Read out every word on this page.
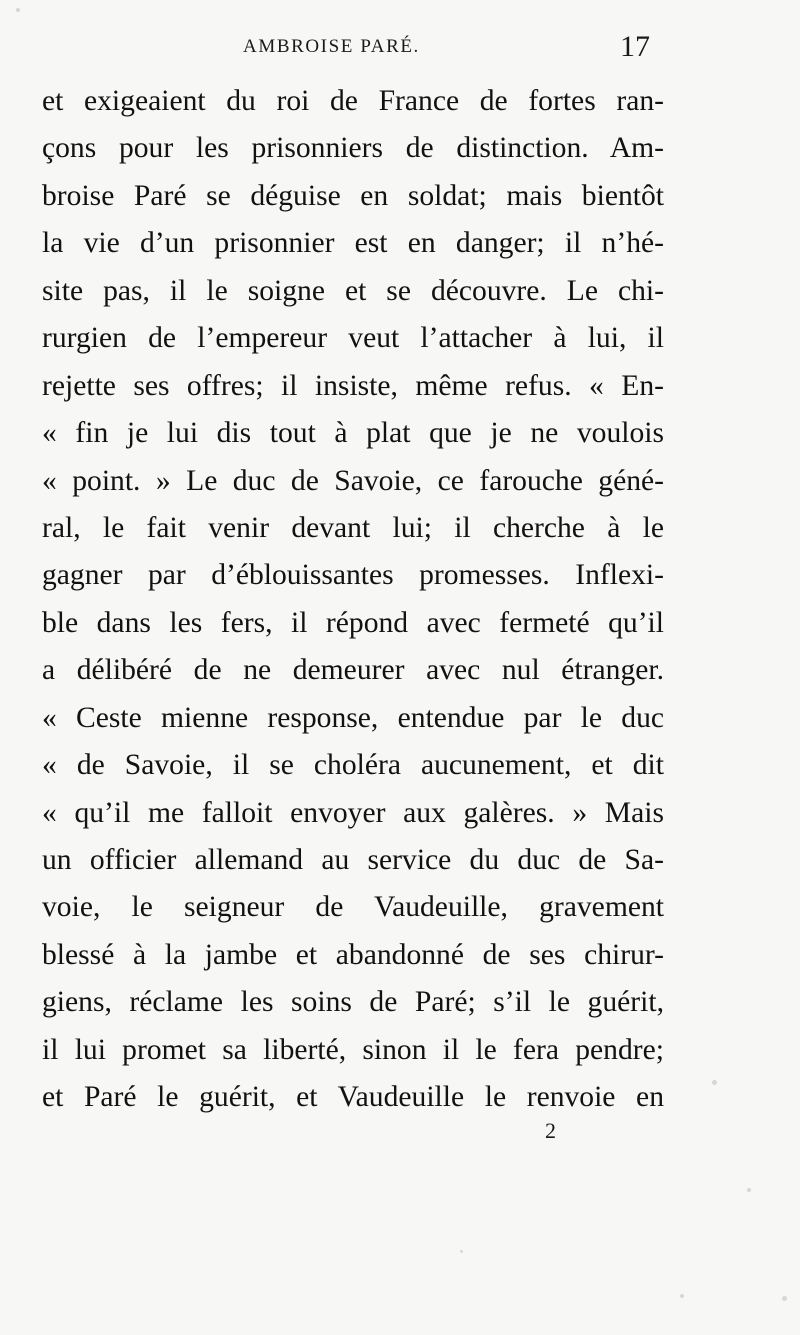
AMBROISE PARÉ.	17
et exigeaient du roi de France de fortes ran-
çons pour les prisonniers de distinction. Am-
broise Paré se déguise en soldat; mais bientôt
la vie d’un prisonnier est en danger; il n’hé-
site pas, il le soigne et se découvre. Le chi-
rurgien de l’empereur veut l’attacher à lui, il
rejette ses offres; il insiste, même refus. « En-
« fin je lui dis tout à plat que je ne voulois
« point. » Le duc de Savoie, ce farouche géné-
ral, le fait venir devant lui; il cherche à le
gagner par d’éblouissantes promesses. Inflexi-
ble dans les fers, il répond avec fermeté qu’il
a délibéré de ne demeurer avec nul étranger.
« Ceste mienne response, entendue par le duc
« de Savoie, il se choléra aucunement, et dit
« qu’il me falloit envoyer aux galères. » Mais
un officier allemand au service du duc de Sa-
voie, le seigneur de Vaudeuille, gravement
blessé à la jambe et abandonné de ses chirur-
giens, réclame les soins de Paré; s’il le guérit,
il lui promet sa liberté, sinon il le fera pendre;
et Paré le guérit, et Vaudeuille le renvoie en
2
